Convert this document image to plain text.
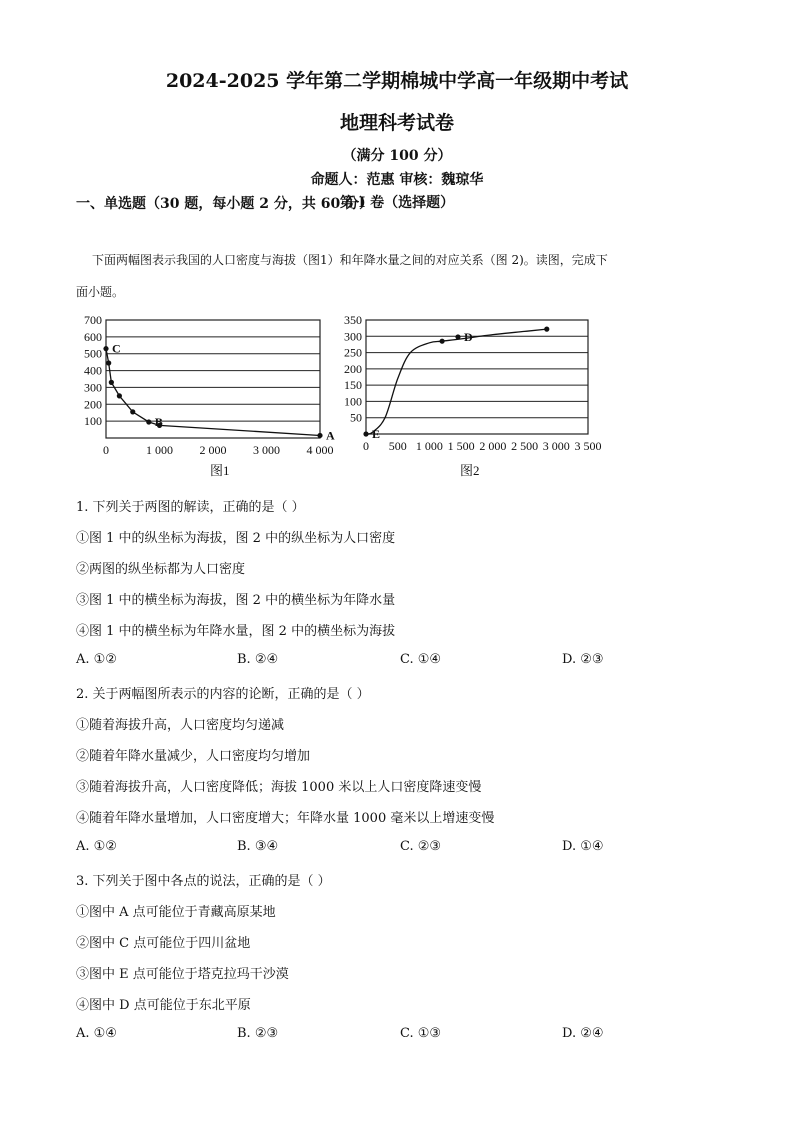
2024-2025 学年第二学期棉城中学高一年级期中考试
地理科考试卷
（满分 100 分）
命题人：范惠 审核：魏琼华
第 I 卷（选择题）
一、单选题（30 题，每小题 2 分，共 60 分）
下面两幅图表示我国的人口密度与海拔（图1）和年降水量之间的对应关系（图 2)。读图，完成下
面小题。
100
200
300
400
500
600
700
0	1 000 2 000 3 000 4 000
C
B
A
图1
50
100
150
200
250
300
350
0 500 1 000 1 500 2 000 2 500 3 000 3 500
E
D
图2
1. 下列关于两图的解读，正确的是（ ）
①图 1 中的纵坐标为海拔，图 2 中的纵坐标为人口密度
②两图的纵坐标都为人口密度
③图 1 中的横坐标为海拔，图 2 中的横坐标为年降水量
④图 1 中的横坐标为年降水量，图 2 中的横坐标为海拔
A. ①②	B. ②④	C. ①④	D. ②③
2. 关于两幅图所表示的内容的论断，正确的是（ ）
①随着海拔升高，人口密度均匀递减
②随着年降水量减少，人口密度均匀增加
③随着海拔升高，人口密度降低；海拔 1000 米以上人口密度降速变慢
④随着年降水量增加，人口密度增大；年降水量 1000 毫米以上增速变慢
A. ①②	B. ③④	C. ②③	D. ①④
3. 下列关于图中各点的说法，正确的是（ ）
①图中 A 点可能位于青藏高原某地
②图中 C 点可能位于四川盆地
③图中 E 点可能位于塔克拉玛干沙漠
④图中 D 点可能位于东北平原
A. ①④	B. ②③	C. ①③	D. ②④
